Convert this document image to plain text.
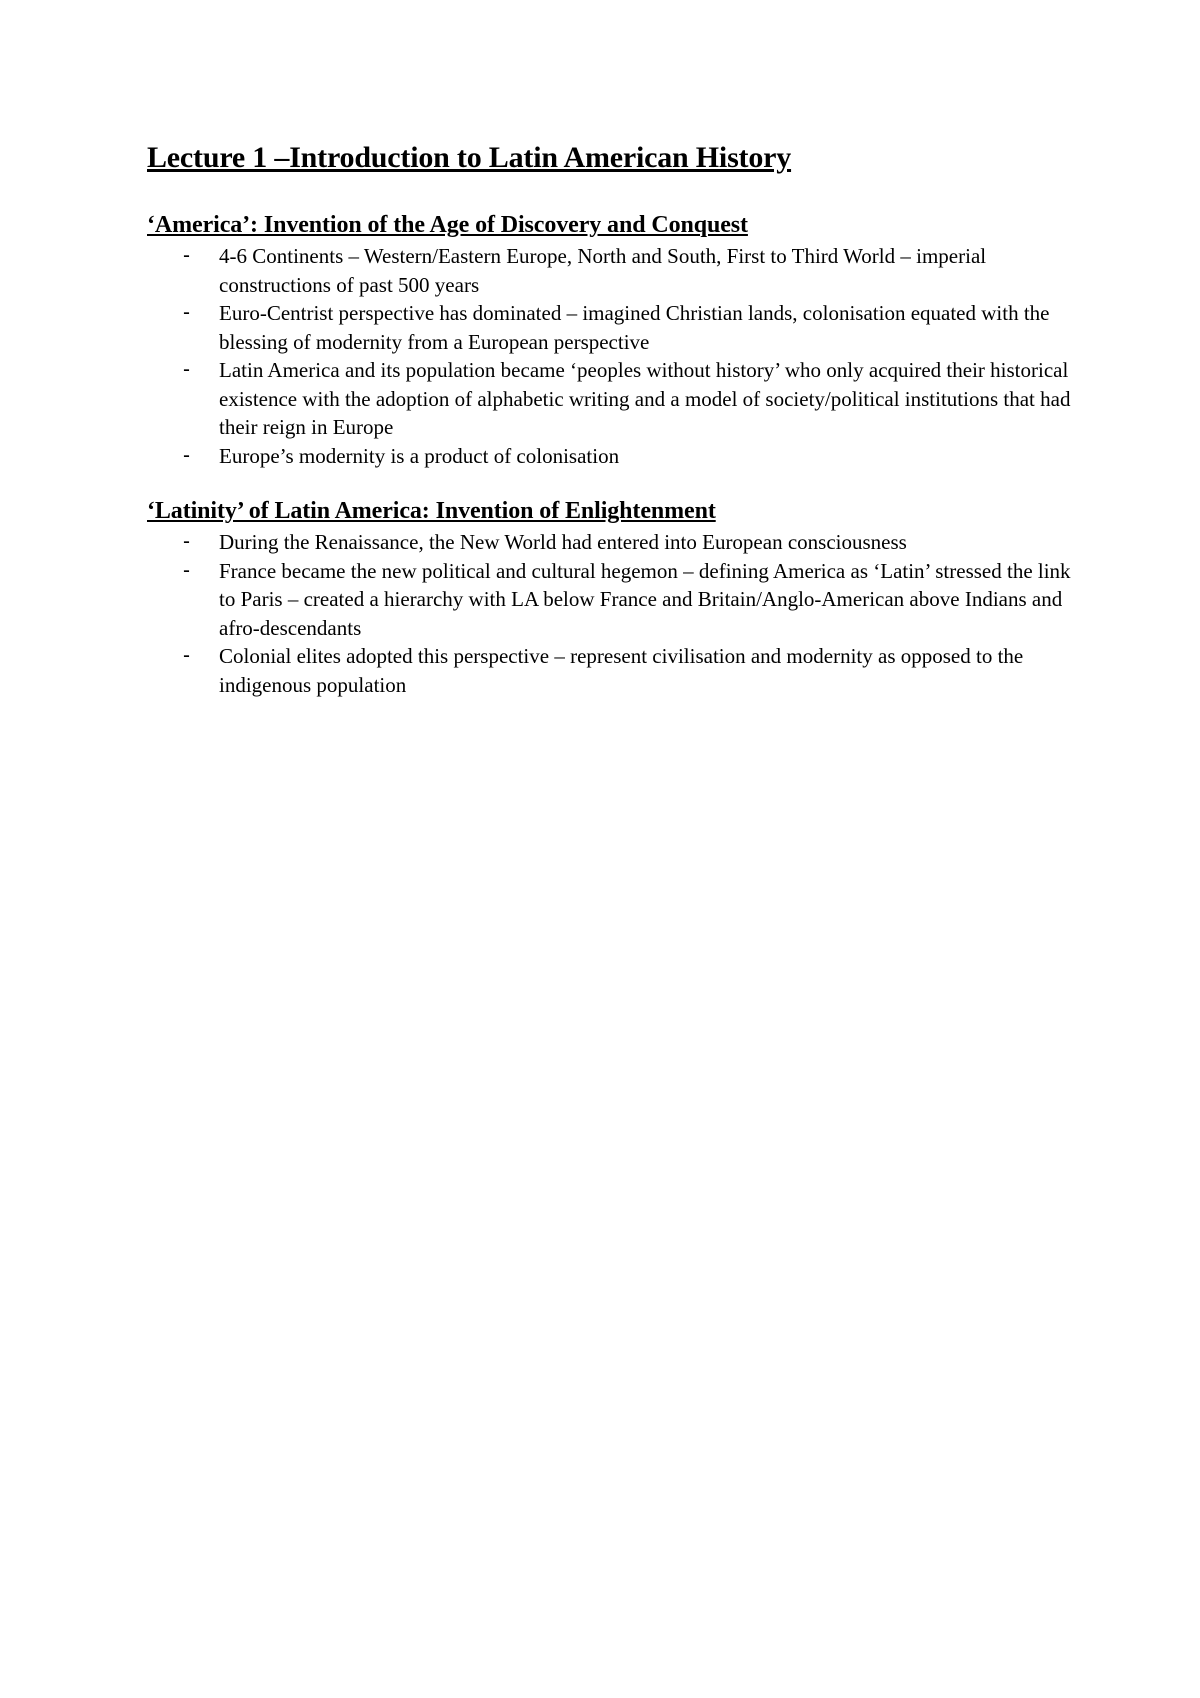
Lecture 1 –Introduction to Latin American History
‘America’: Invention of the Age of Discovery and Conquest
- 4-6 Continents – Western/Eastern Europe, North and South, First to Third World – imperial constructions of past 500 years
- Euro-Centrist perspective has dominated – imagined Christian lands, colonisation equated with the blessing of modernity from a European perspective
- Latin America and its population became ‘peoples without history’ who only acquired their historical existence with the adoption of alphabetic writing and a model of society/political institutions that had their reign in Europe
- Europe’s modernity is a product of colonisation
‘Latinity’ of Latin America: Invention of Enlightenment
- During the Renaissance, the New World had entered into European consciousness
- France became the new political and cultural hegemon – defining America as ‘Latin’ stressed the link to Paris – created a hierarchy with LA below France and Britain/Anglo-American above Indians and afro-descendants
- Colonial elites adopted this perspective – represent civilisation and modernity as opposed to the indigenous population
